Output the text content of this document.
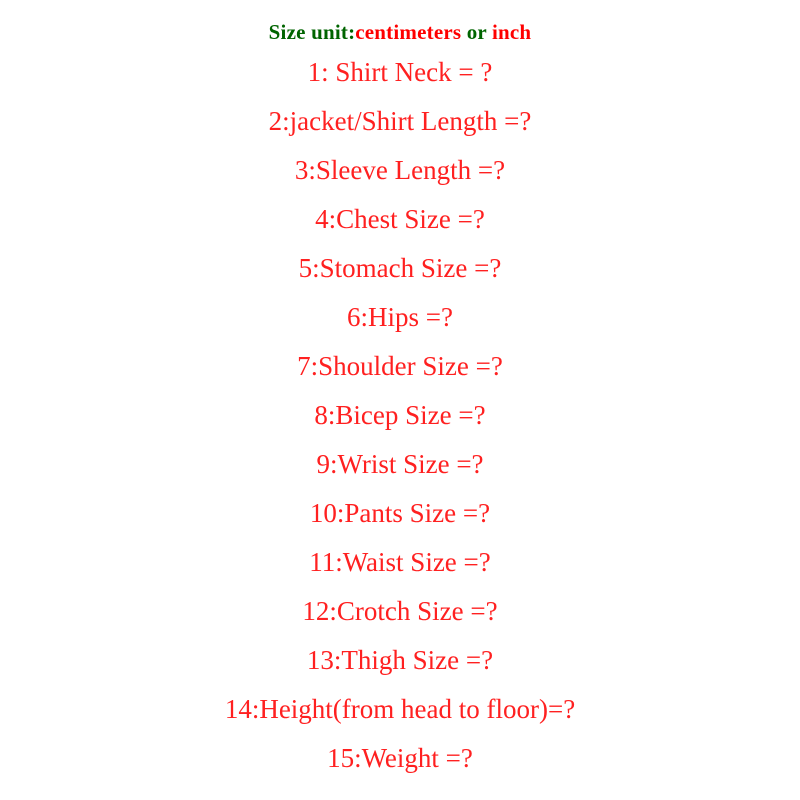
Size unit:centimeters or inch
1: Shirt Neck = ?
2:jacket/Shirt Length =?
3:Sleeve Length =?
4:Chest Size =?
5:Stomach Size =?
6:Hips =?
7:Shoulder Size =?
8:Bicep Size =?
9:Wrist Size =?
10:Pants Size =?
11:Waist Size =?
12:Crotch Size =?
13:Thigh Size =?
14:Height(from head to floor)=?
15:Weight =?
